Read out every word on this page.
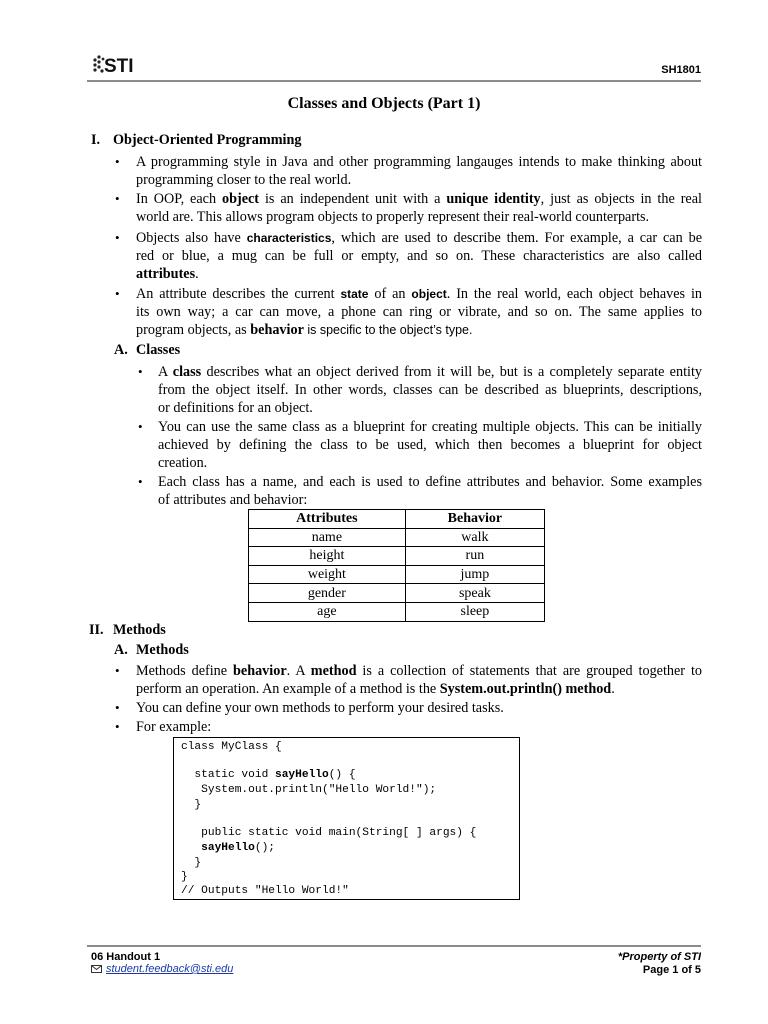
STI	SH1801
Classes and Objects (Part 1)
I. Object-Oriented Programming
• A programming style in Java and other programming langauges intends to make thinking about
programming closer to the real world.
• In OOP, each object is an independent unit with a unique identity, just as objects in the real
world are. This allows program objects to properly represent their real-world counterparts.
• Objects also have characteristics, which are used to describe them. For example, a car can be
red or blue, a mug can be full or empty, and so on. These characteristics are also called
attributes.
• An attribute describes the current state of an object. In the real world, each object behaves in
its own way; a car can move, a phone can ring or vibrate, and so on. The same applies to
program objects, as behavior is specific to the object’s type.
A. Classes
• A class describes what an object derived from it will be, but is a completely separate entity
from the object itself. In other words, classes can be described as blueprints, descriptions,
or definitions for an object.
• You can use the same class as a blueprint for creating multiple objects. This can be initially
achieved by defining the class to be used, which then becomes a blueprint for object
creation.
• Each class has a name, and each is used to define attributes and behavior. Some examples
of attributes and behavior:
Attributes	Behavior
name	walk
height	run
weight	jump
gender	speak
age	sleep
II. Methods
A. Methods
• Methods define behavior. A method is a collection of statements that are grouped together to
perform an operation. An example of a method is the System.out.println() method.
• You can define your own methods to perform your desired tasks.
• For example:
class MyClass {
static void sayHello() {
System.out.println("Hello World!");
}
public static void main(String[ ] args) {
sayHello();
}
}
// Outputs "Hello World!"
06 Handout 1
student.feedback@sti.edu
*Property of STI
Page 1 of 5
